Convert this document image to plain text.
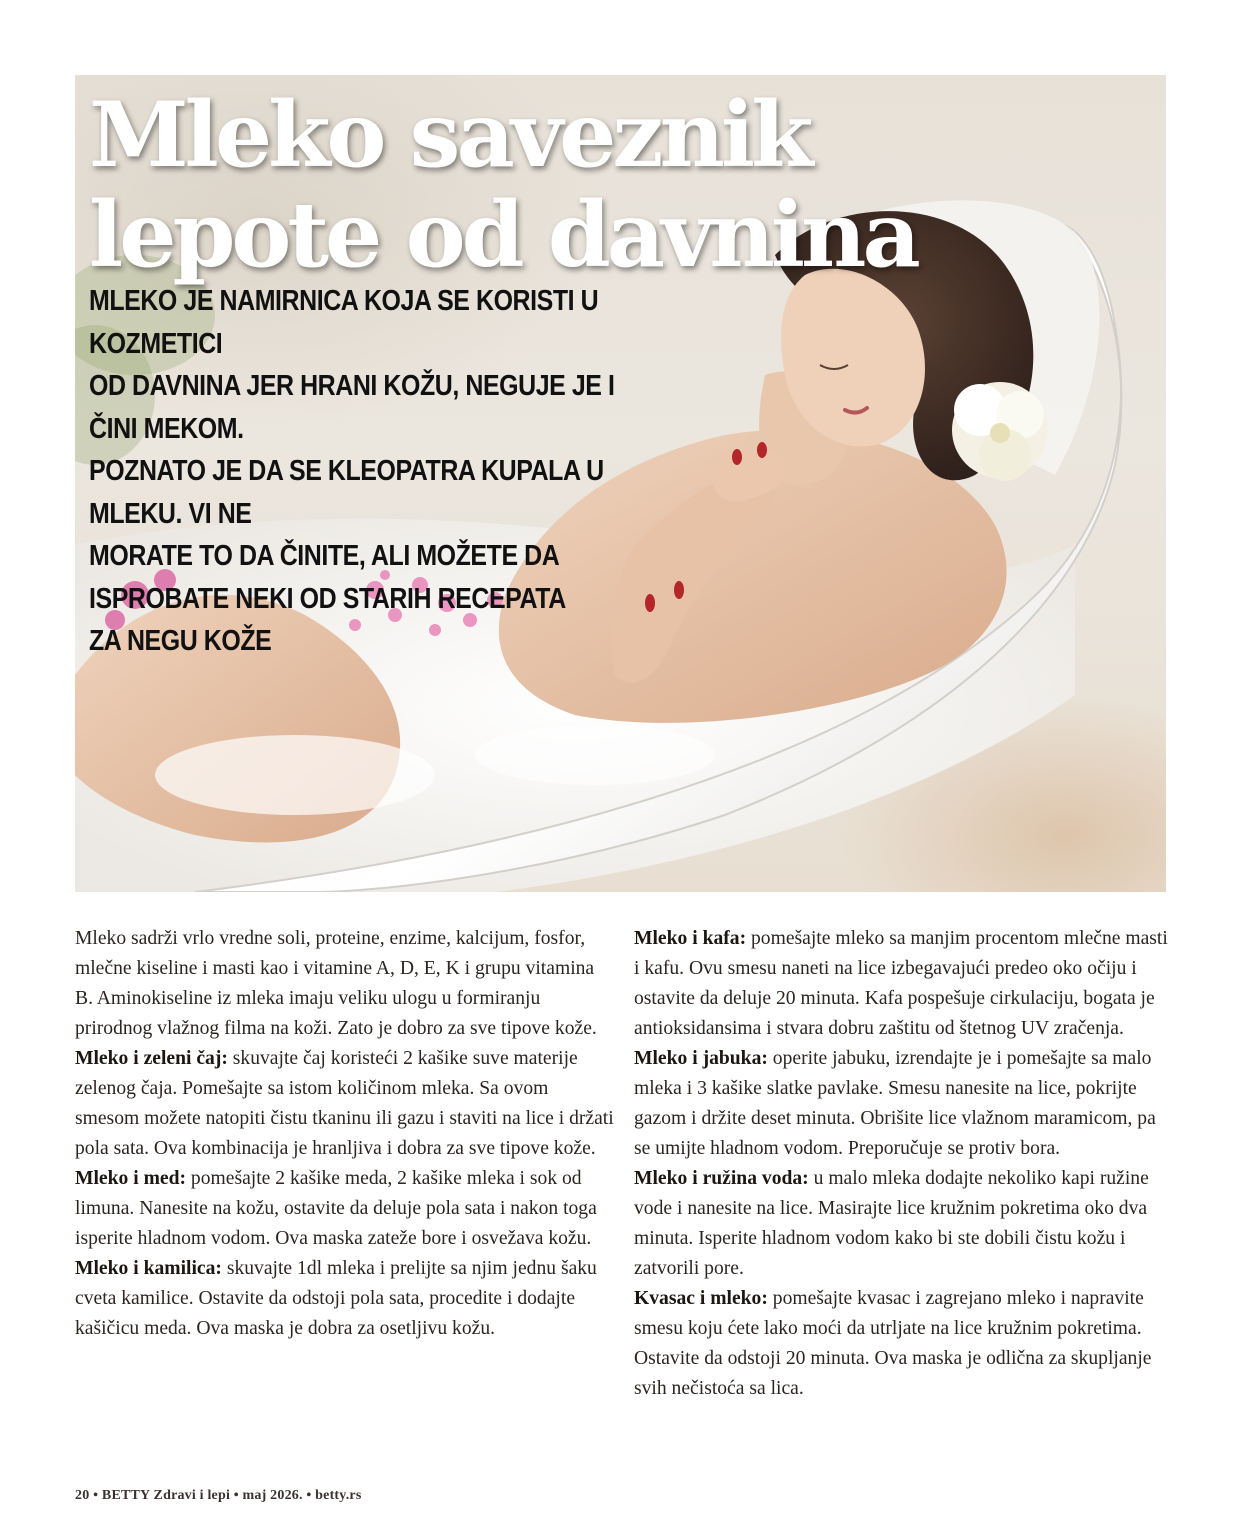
Mleko saveznik
lepote od davnina

MLEKO JE NAMIRNICA KOJA SE KORISTI U KOZMETICI
OD DAVNINA JER HRANI KOŽU, NEGUJE JE I ČINI MEKOM.
POZNATO JE DA SE KLEOPATRA KUPALA U MLEKU. VI NE
MORATE TO DA ČINITE, ALI MOŽETE DA
ISPROBATE NEKI OD STARIH RECEPATA
ZA NEGU KOŽE

Mleko sadrži vrlo vredne soli, proteine, enzime, kalcijum, fosfor, mlečne kiseline i masti kao i vitamine A, D, E, K i grupu vitamina B. Aminokiseline iz mleka imaju veliku ulogu u formiranju prirodnog vlažnog filma na koži. Zato je dobro za sve tipove kože.

Mleko i zeleni čaj: skuvajte čaj koristeći 2 kašike suve materije zelenog čaja. Pomešajte sa istom količinom mleka. Sa ovom smesom možete natopiti čistu tkaninu ili gazu i staviti na lice i držati pola sata. Ova kombinacija je hranljiva i dobra za sve tipove kože.

Mleko i med: pomešajte 2 kašike meda, 2 kašike mleka i sok od limuna. Nanesite na kožu, ostavite da deluje pola sata i nakon toga isperite hladnom vodom. Ova maska zateže bore i osvežava kožu.

Mleko i kamilica: skuvajte 1dl mleka i prelijte sa njim jednu šaku cveta kamilice. Ostavite da odstoji pola sata, procedite i dodajte kašičicu meda. Ova maska je dobra za osetljivu kožu.

Mleko i kafa: pomešajte mleko sa manjim procentom mlečne masti i kafu. Ovu smesu naneti na lice izbegavajući predeo oko očiju i ostavite da deluje 20 minuta. Kafa pospešuje cirkulaciju, bogata je antioksidansima i stvara dobru zaštitu od štetnog UV zračenja.

Mleko i jabuka: operite jabuku, izrendajte je i pomešajte sa malo mleka i 3 kašike slatke pavlake. Smesu nanesite na lice, pokrijte gazom i držite deset minuta. Obrišite lice vlažnom maramicom, pa se umijte hladnom vodom. Preporučuje se protiv bora.

Mleko i ružina voda: u malo mleka dodajte nekoliko kapi ružine vode i nanesite na lice. Masirajte lice kružnim pokretima oko dva minuta. Isperite hladnom vodom kako bi ste dobili čistu kožu i zatvorili pore.

Kvasac i mleko: pomešajte kvasac i zagrejano mleko i napravite smesu koju ćete lako moći da utrljate na lice kružnim pokretima. Ostavite da odstoji 20 minuta. Ova maska je odlična za skupljanje svih nečistoća sa lica.

20 • BETTY Zdravi i lepi • maj 2026. • betty.rs
